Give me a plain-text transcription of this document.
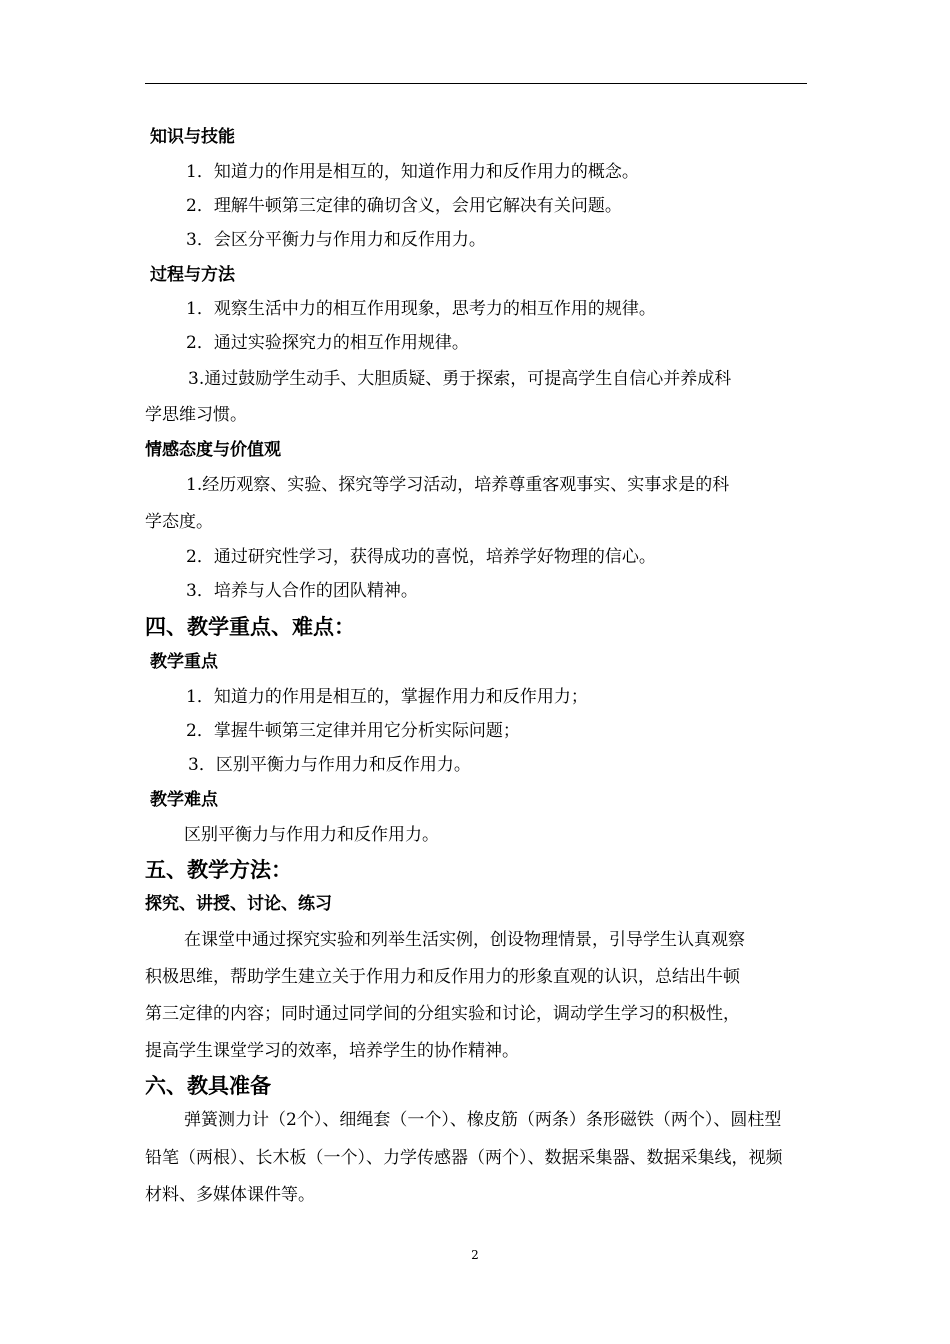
知识与技能
1．知道力的作用是相互的，知道作用力和反作用力的概念。
2．理解牛顿第三定律的确切含义，会用它解决有关问题。
3．会区分平衡力与作用力和反作用力。
过程与方法
1．观察生活中力的相互作用现象，思考力的相互作用的规律。
2．通过实验探究力的相互作用规律。
3.通过鼓励学生动手、大胆质疑、勇于探索，可提高学生自信心并养成科
学思维习惯。
情感态度与价值观
1.经历观察、实验、探究等学习活动，培养尊重客观事实、实事求是的科
学态度。
2．通过研究性学习，获得成功的喜悦，培养学好物理的信心。
3．培养与人合作的团队精神。
四、教学重点、难点：
教学重点
1．知道力的作用是相互的，掌握作用力和反作用力；
2．掌握牛顿第三定律并用它分析实际问题；
3．区别平衡力与作用力和反作用力。
教学难点
区别平衡力与作用力和反作用力。
五、教学方法：
探究、讲授、讨论、练习
在课堂中通过探究实验和列举生活实例，创设物理情景，引导学生认真观察
积极思维，帮助学生建立关于作用力和反作用力的形象直观的认识，总结出牛顿
第三定律的内容；同时通过同学间的分组实验和讨论，调动学生学习的积极性，
提高学生课堂学习的效率，培养学生的协作精神。
六、教具准备
弹簧测力计（2个）、细绳套（一个）、橡皮筋（两条）条形磁铁（两个）、圆柱型
铅笔（两根）、长木板（一个）、力学传感器（两个）、数据采集器、数据采集线，视频
材料、多媒体课件等。
2
